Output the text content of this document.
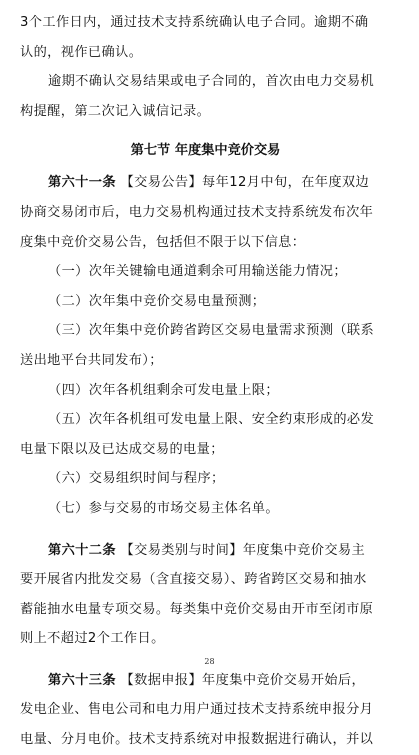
3个工作日内，通过技术支持系统确认电子合同。逾期不确
认的，视作已确认。
逾期不确认交易结果或电子合同的，首次由电力交易机
构提醒，第二次记入诚信记录。
第七节 年度集中竞价交易
第六十一条 【交易公告】每年12月中旬，在年度双边
协商交易闭市后，电力交易机构通过技术支持系统发布次年
度集中竞价交易公告，包括但不限于以下信息：
（一）次年关键输电通道剩余可用输送能力情况；
（二）次年集中竞价交易电量预测；
（三）次年集中竞价跨省跨区交易电量需求预测（联系
送出地平台共同发布）；
（四）次年各机组剩余可发电量上限；
（五）次年各机组可发电量上限、安全约束形成的必发
电量下限以及已达成交易的电量；
（六）交易组织时间与程序；
（七）参与交易的市场交易主体名单。
第六十二条 【交易类别与时间】年度集中竞价交易主
要开展省内批发交易（含直接交易）、跨省跨区交易和抽水
蓄能抽水电量专项交易。每类集中竞价交易由开市至闭市原
则上不超过2个工作日。
第六十三条 【数据申报】年度集中竞价交易开始后，
发电企业、售电公司和电力用户通过技术支持系统申报分月
电量、分月电价。技术支持系统对申报数据进行确认，并以
28
